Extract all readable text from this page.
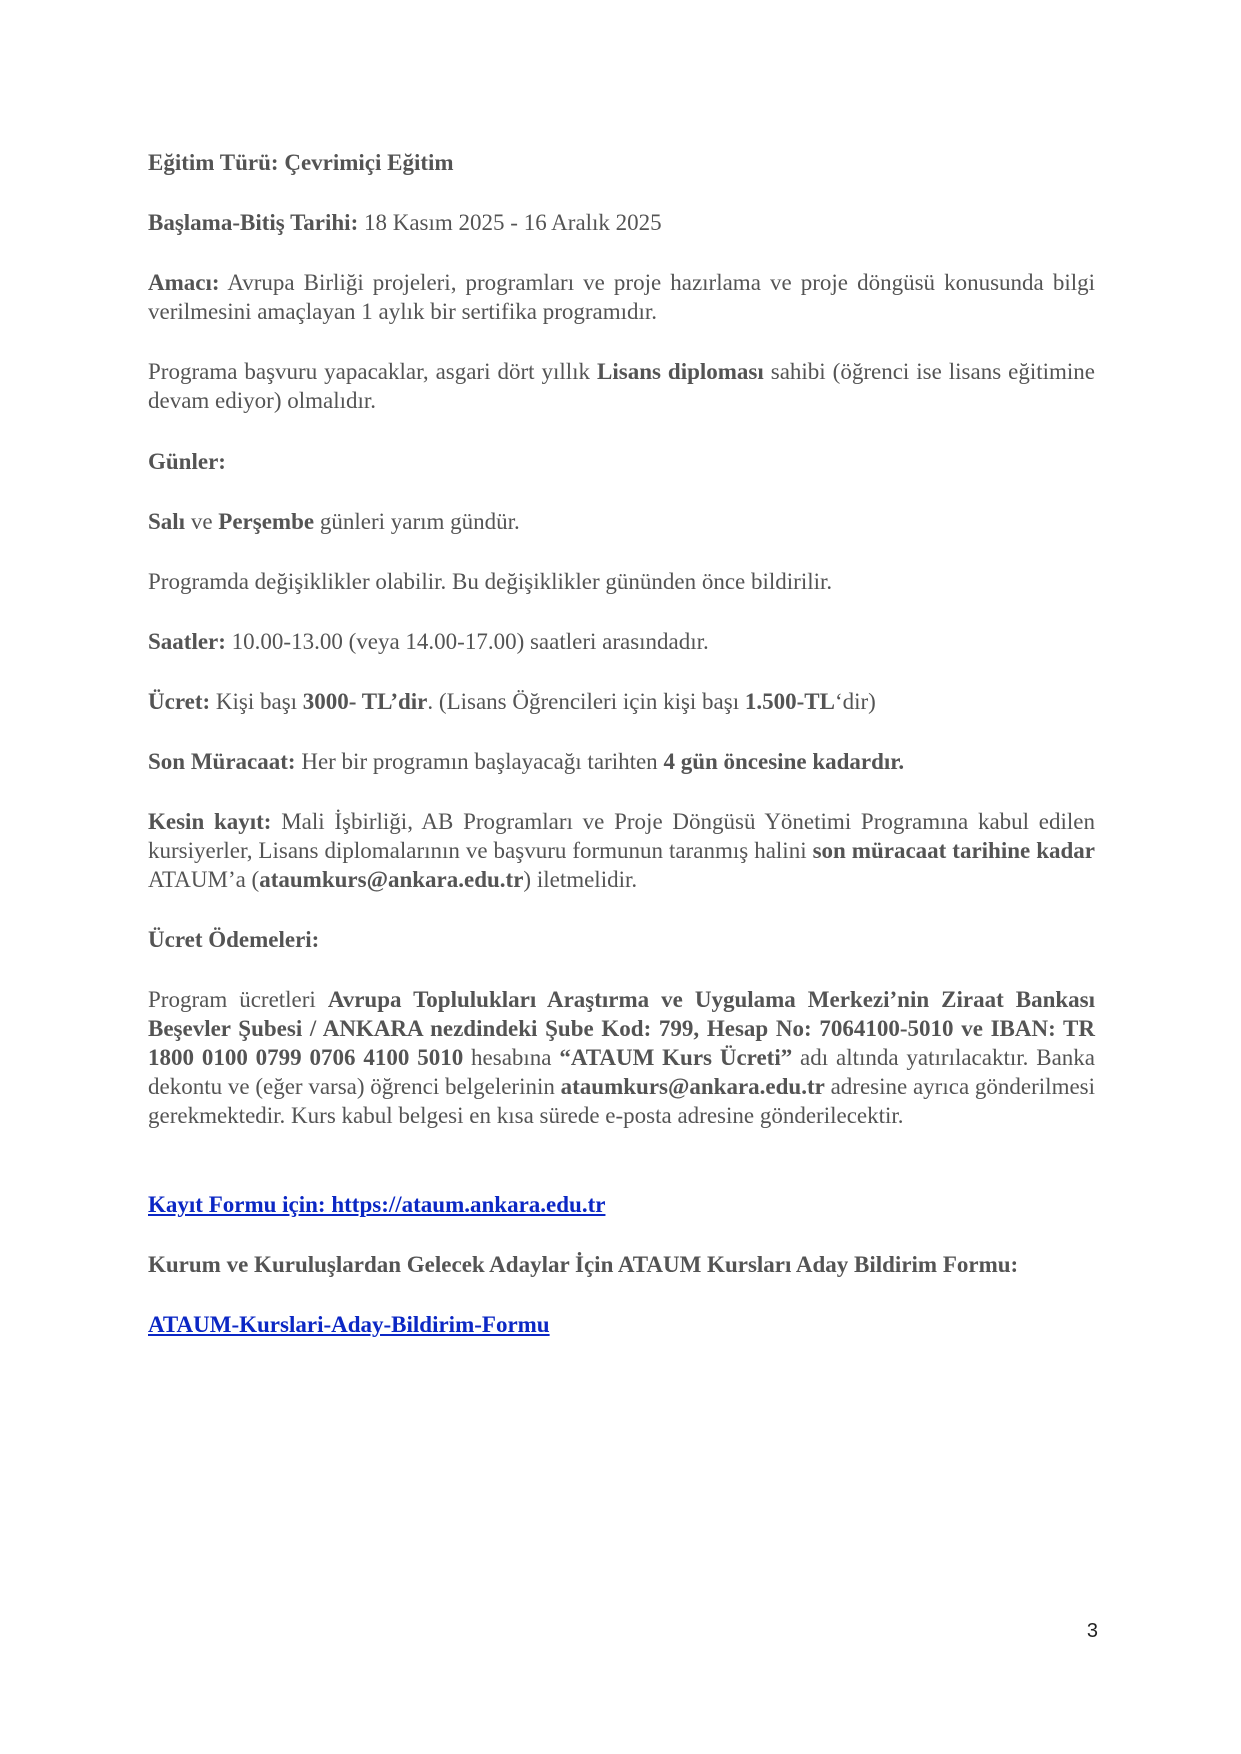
Eğitim Türü: Çevrimiçi Eğitim

Başlama-Bitiş Tarihi: 18 Kasım 2025 - 16 Aralık 2025

Amacı: Avrupa Birliği projeleri, programları ve proje hazırlama ve proje döngüsü konusunda bilgi verilmesini amaçlayan 1 aylık bir sertifika programıdır.

Programa başvuru yapacaklar, asgari dört yıllık Lisans diploması sahibi (öğrenci ise lisans eğitimine devam ediyor) olmalıdır.

Günler:

Salı ve Perşembe günleri yarım gündür.

Programda değişiklikler olabilir. Bu değişiklikler gününden önce bildirilir.

Saatler: 10.00-13.00 (veya 14.00-17.00) saatleri arasındadır.

Ücret: Kişi başı 3000- TL’dir. (Lisans Öğrencileri için kişi başı 1.500-TL‘dir)

Son Müracaat: Her bir programın başlayacağı tarihten 4 gün öncesine kadardır.

Kesin kayıt: Mali İşbirliği, AB Programları ve Proje Döngüsü Yönetimi Programına kabul edilen kursiyerler, Lisans diplomalarının ve başvuru formunun taranmış halini son müracaat tarihine kadar ATAUM’a (ataumkurs@ankara.edu.tr) iletmelidir.

Ücret Ödemeleri:

Program ücretleri Avrupa Toplulukları Araştırma ve Uygulama Merkezi’nin Ziraat Bankası Beşevler Şubesi / ANKARA nezdindeki Şube Kod: 799, Hesap No: 7064100-5010 ve IBAN: TR 1800 0100 0799 0706 4100 5010 hesabına “ATAUM Kurs Ücreti” adı altında yatırılacaktır. Banka dekontu ve (eğer varsa) öğrenci belgelerinin ataumkurs@ankara.edu.tr adresine ayrıca gönderilmesi gerekmektedir. Kurs kabul belgesi en kısa sürede e-posta adresine gönderilecektir.

Kayıt Formu için: https://ataum.ankara.edu.tr

Kurum ve Kuruluşlardan Gelecek Adaylar İçin ATAUM Kursları Aday Bildirim Formu:

ATAUM-Kurslari-Aday-Bildirim-Formu

3
